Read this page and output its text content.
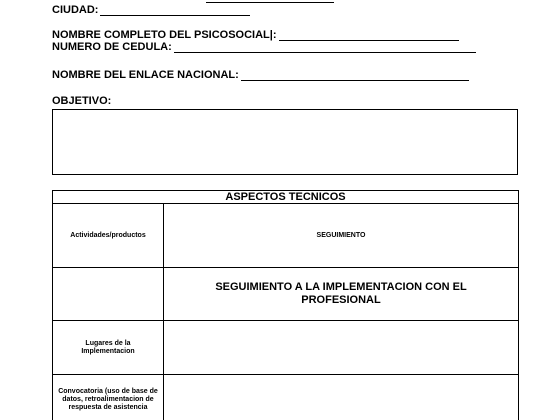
CIUDAD:
NOMBRE COMPLETO DEL PSICOSOCIAL|:
NUMERO DE CEDULA:
NOMBRE DEL ENLACE NACIONAL:
OBJETIVO:
ASPECTOS TECNICOS	

Actividades/productos	SEGUIMIENTO

	SEGUIMIENTO A LA IMPLEMENTACION CON EL PROFESIONAL

Lugares de la Implementacion	

Convocatoria (uso de base de datos, retroalimentacion de respuesta de asistencia	
